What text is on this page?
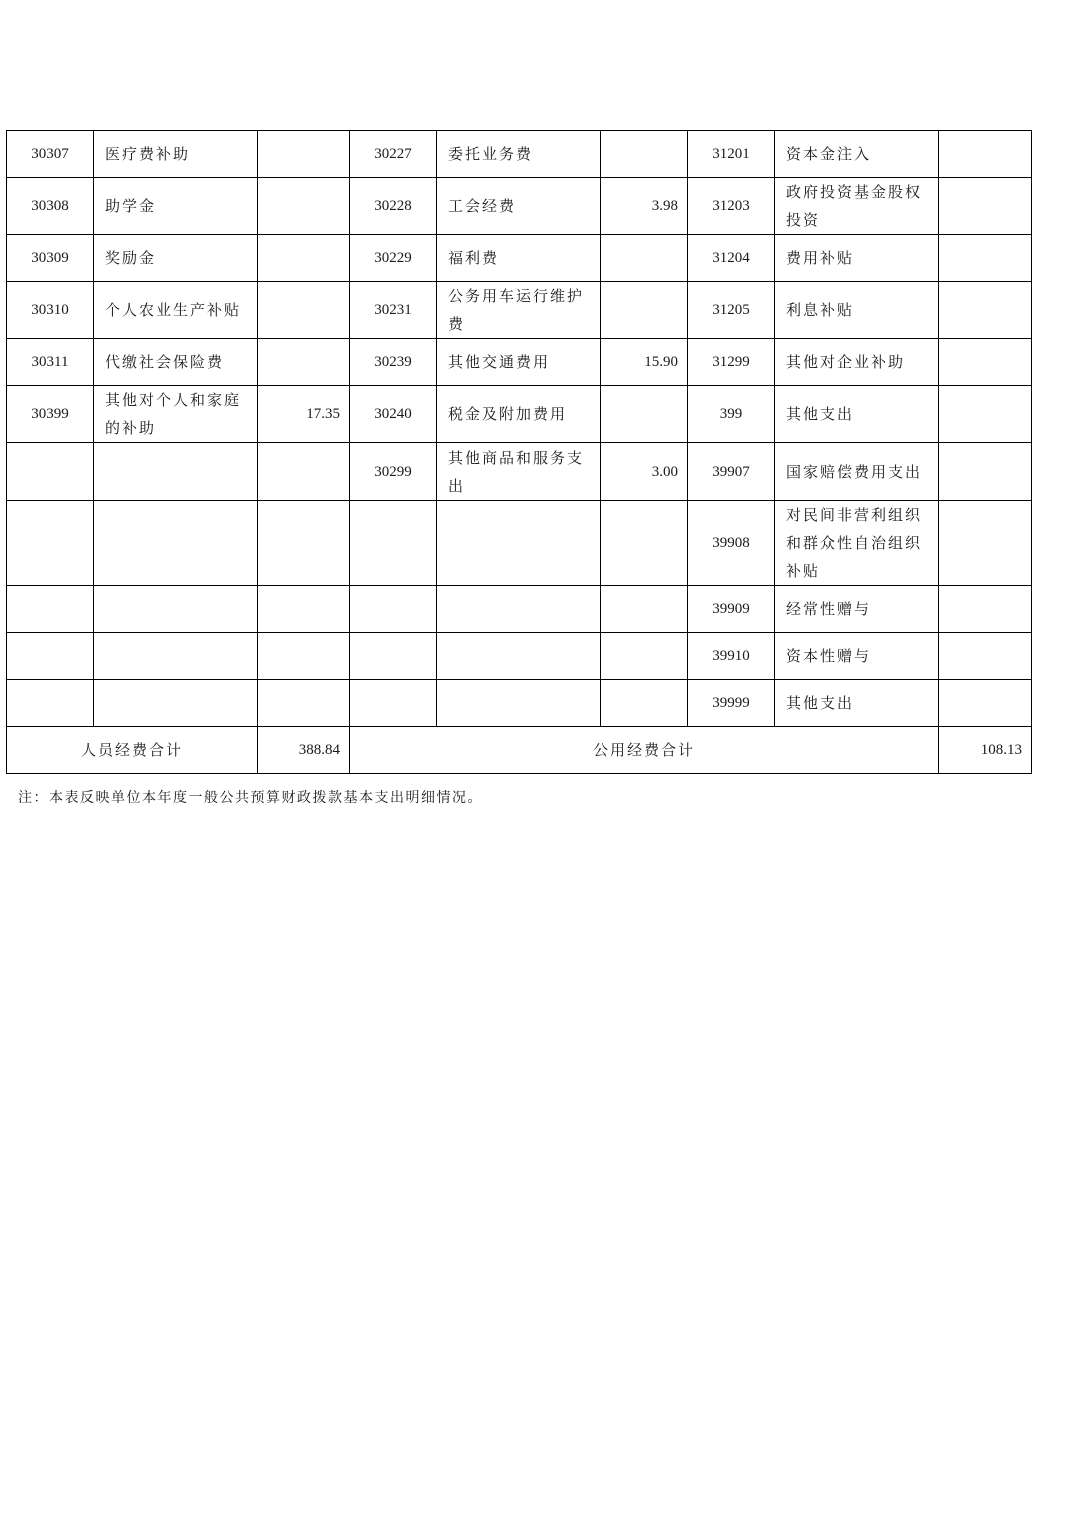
30307	医疗费补助		30227	委托业务费		31201	资本金注入	
30308	助学金		30228	工会经费	3.98	31203	政府投资基金股权投资	
30309	奖励金		30229	福利费		31204	费用补贴	
30310	个人农业生产补贴		30231	公务用车运行维护费		31205	利息补贴	
30311	代缴社会保险费		30239	其他交通费用	15.90	31299	其他对企业补助	
30399	其他对个人和家庭的补助	17.35	30240	税金及附加费用		399	其他支出	
			30299	其他商品和服务支出	3.00	39907	国家赔偿费用支出	
						39908	对民间非营利组织和群众性自治组织补贴	
						39909	经常性赠与	
						39910	资本性赠与	
						39999	其他支出	
人员经费合计		388.84	公用经费合计					108.13
注：本表反映单位本年度一般公共预算财政拨款基本支出明细情况。
